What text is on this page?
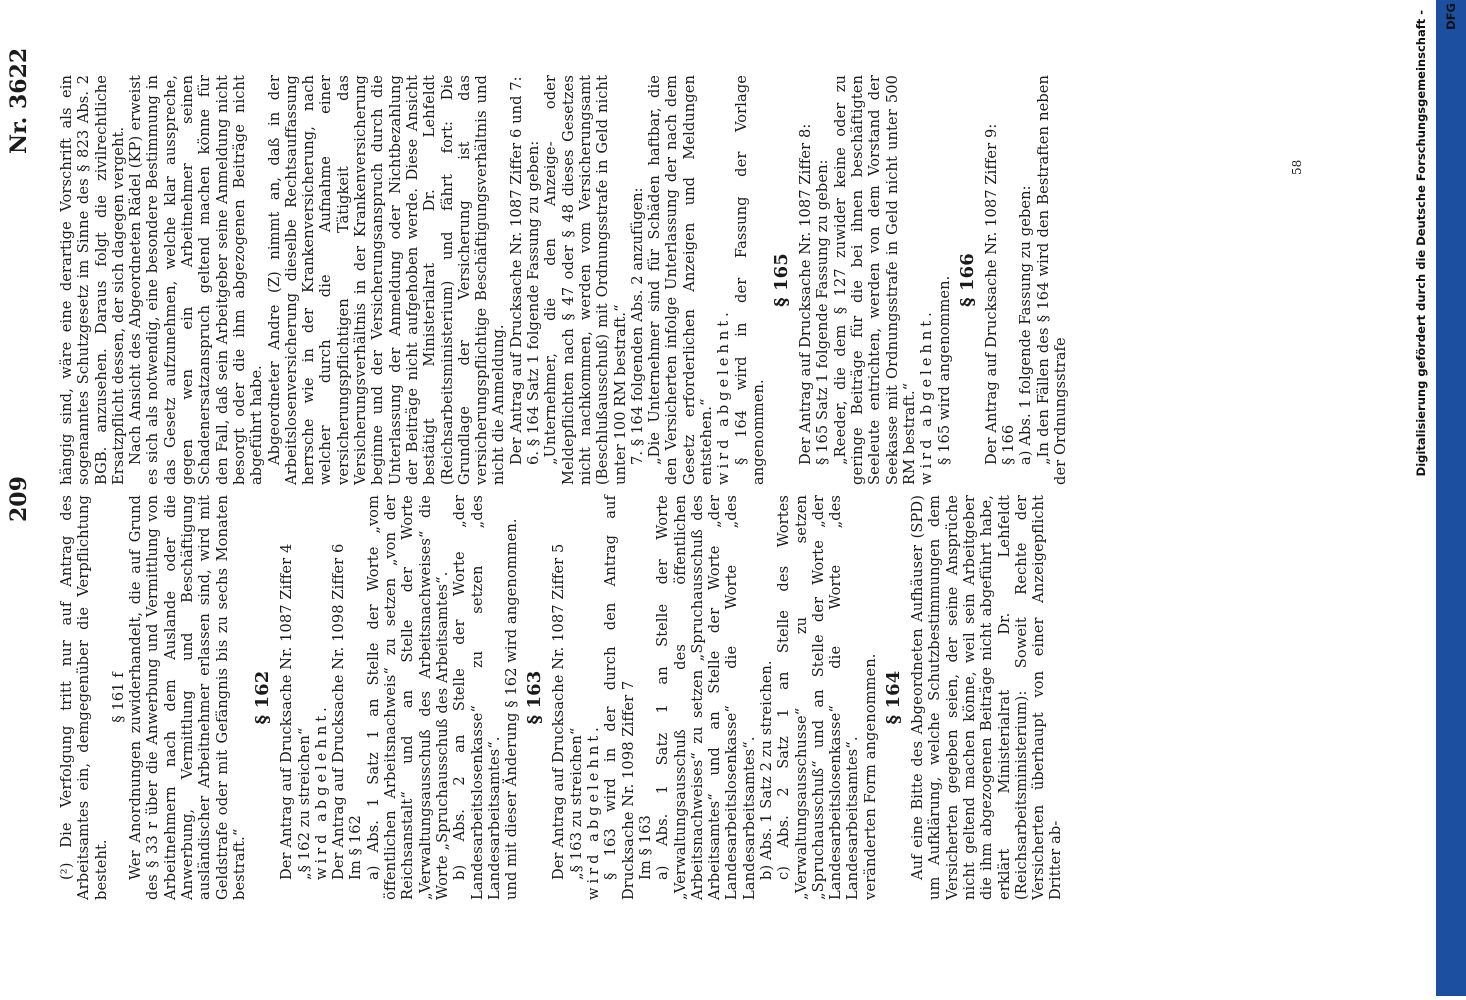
209
Nr. 3622

(²) Die Verfolgung tritt nur auf Antrag des Arbeitsamtes ein, demgegenüber die Verpflichtung besteht.

§ 161 f Wer Anordnungen zuwiderhandelt, die auf Grund des § 33 r über die Anwerbung und Vermittlung von Arbeitnehmern nach dem Auslande oder die Anwerbung, Vermittlung und Beschäftigung ausländischer Arbeitnehmer erlassen sind, wird mit Geldstrafe oder mit Gefängnis bis zu sechs Monaten bestraft.“

§ 162 Der Antrag auf Drucksache Nr. 1087 Ziffer 4 „§ 162 zu streichen“ wird abgelehnt. Der Antrag auf Drucksache Nr. 1098 Ziffer 6 Im § 162 a) Abs. 1 Satz 1 an Stelle der Worte „vom öffentlichen Arbeitsnachweis“ zu setzen „von der Reichsanstalt“ und an Stelle der Worte „Verwaltungsausschuß des Arbeitsnachweises“ die Worte „Spruchausschuß des Arbeitsamtes“. b) Abs. 2 an Stelle der Worte „der Landesarbeitslosenkasse“ zu setzen „des Landesarbeitsamtes“. und mit dieser Änderung § 162 wird angenommen. § 163 Der Antrag auf Drucksache Nr. 1087 Ziffer 5 „§ 163 zu streichen“ wird abgelehnt. § 163 wird in der durch den Antrag auf Drucksache Nr. 1098 Ziffer 7 Im § 163 a) Abs. 1 Satz 1 an Stelle der Worte „Verwaltungsausschuß des öffentlichen Arbeitsnachweises“ zu setzen „Spruchausschuß des Arbeitsamtes“ und an Stelle der Worte „der Landesarbeitslosenkasse“ die Worte „des Landesarbeitsamtes“. b) Abs. 1 Satz 2 zu streichen. c) Abs. 2 Satz 1 an Stelle des Wortes „Verwaltungsausschusse“ zu setzen „Spruchausschuß“ und an Stelle der Worte „der Landesarbeitslosenkasse“ die Worte „des Landesarbeitsamtes“. veränderten Form angenommen. § 164 Auf eine Bitte des Abgeordneten Aufhäuser (SPD) um Aufklärung, welche Schutzbestimmungen dem Versicherten gegeben seien, der seine Ansprüche nicht geltend machen könne, weil sein Arbeitgeber die ihm abgezogenen Beiträge nicht abgeführt habe, erklärt Ministerialrat Dr. Lehfeldt (Reichsarbeitsministerium): Soweit Rechte der Versicherten überhaupt von einer Anzeigepflicht Dritter ab-

hängig sind, wäre eine derartige Vorschrift als ein sogenanntes Schutzgesetz im Sinne des § 823 Abs. 2 BGB. anzusehen. Daraus folgt die zivilrechtliche Ersatzpflicht dessen, der sich dagegen vergeht. Nach Ansicht des Abgeordneten Rädel (KP) erweist es sich als notwendig, eine besondere Bestimmung in das Gesetz aufzunehmen, welche klar ausspreche, gegen wen ein Arbeitnehmer seinen Schadenersatzanspruch geltend machen könne für den Fall, daß sein Arbeitgeber seine Anmeldung nicht besorgt oder die ihm abgezogenen Beiträge nicht abgeführt habe. Abgeordneter Andre (Z) nimmt an, daß in der Arbeitslosenversicherung dieselbe Rechtsauffassung herrsche wie in der Krankenversicherung, nach welcher durch die Aufnahme einer versicherungspflichtigen Tätigkeit das Versicherungsverhältnis in der Krankenversicherung beginne und der Versicherungsanspruch durch die Unterlassung der Anmeldung oder Nichtbezahlung der Beiträge nicht aufgehoben werde. Diese Ansicht bestätigt Ministerialrat Dr. Lehfeldt (Reichsarbeitsministerium) und fährt fort: Die Grundlage der Versicherung ist das versicherungspflichtige Beschäftigungsverhältnis und nicht die Anmeldung. Der Antrag auf Drucksache Nr. 1087 Ziffer 6 und 7: 6. § 164 Satz 1 folgende Fassung zu geben: „Unternehmer, die den Anzeige- oder Meldepflichten nach § 47 oder § 48 dieses Gesetzes nicht nachkommen, werden vom Versicherungsamt (Beschlußausschuß) mit Ordnungsstrafe in Geld nicht unter 100 RM bestraft.“ 7. § 164 folgenden Abs. 2 anzufügen: „Die Unternehmer sind für Schäden haftbar, die den Versicherten infolge Unterlassung der nach dem Gesetz erforderlichen Anzeigen und Meldungen entstehen.“ wird abgelehnt. § 164 wird in der Fassung der Vorlage angenommen.

§ 165 Der Antrag auf Drucksache Nr. 1087 Ziffer 8: § 165 Satz 1 folgende Fassung zu geben: „Reeder, die dem § 127 zuwider keine oder zu geringe Beiträge für die bei ihnen beschäftigten Seeleute entrichten, werden von dem Vorstand der Seekasse mit Ordnungsstrafe in Geld nicht unter 500 RM bestraft.“ wird abgelehnt. § 165 wird angenommen. § 166 Der Antrag auf Drucksache Nr. 1087 Ziffer 9: § 166 a) Abs. 1 folgende Fassung zu geben: „In den Fällen des § 164 wird den Bestraften neben der Ordnungsstrafe

58	Digitalisierung gefördert durch die Deutsche Forschungsgemeinschaft -	DFG
